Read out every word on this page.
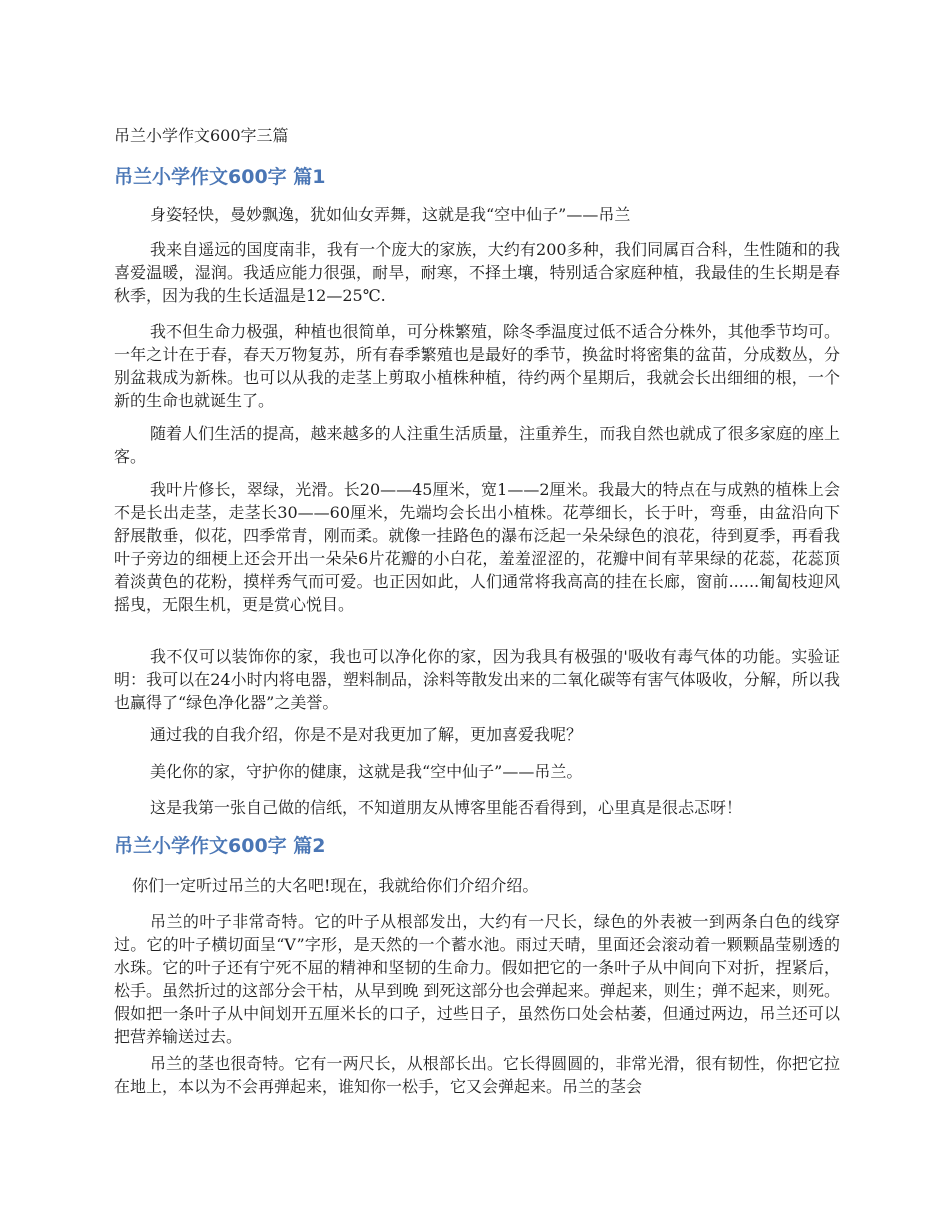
吊兰小学作文600字三篇
吊兰小学作文600字 篇1
身姿轻快，曼妙飘逸，犹如仙女弄舞，这就是我“空中仙子”——吊兰
我来自遥远的国度南非，我有一个庞大的家族，大约有200多种，我们同属百合科，生性随和的我喜爱温暖，湿润。我适应能力很强，耐旱，耐寒，不择土壤，特别适合家庭种植，我最佳的生长期是春秋季，因为我的生长适温是12—25℃.
我不但生命力极强，种植也很简单，可分株繁殖，除冬季温度过低不适合分株外，其他季节均可。一年之计在于春，春天万物复苏，所有春季繁殖也是最好的季节，换盆时将密集的盆苗，分成数丛，分别盆栽成为新株。也可以从我的走茎上剪取小植株种植，待约两个星期后，我就会长出细细的根，一个新的生命也就诞生了。
随着人们生活的提高，越来越多的人注重生活质量，注重养生，而我自然也就成了很多家庭的座上客。
我叶片修长，翠绿，光滑。长20——45厘米，宽1——2厘米。我最大的特点在与成熟的植株上会不是长出走茎，走茎长30——60厘米，先端均会长出小植株。花葶细长，长于叶，弯垂，由盆沿向下舒展散垂，似花，四季常青，刚而柔。就像一挂路色的瀑布泛起一朵朵绿色的浪花，待到夏季，再看我叶子旁边的细梗上还会开出一朵朵6片花瓣的小白花，羞羞涩涩的，花瓣中间有苹果绿的花蕊，花蕊顶着淡黄色的花粉，摸样秀气而可爱。也正因如此，人们通常将我高高的挂在长廊，窗前......匍匐枝迎风摇曳，无限生机，更是赏心悦目。
我不仅可以装饰你的家，我也可以净化你的家，因为我具有极强的'吸收有毒气体的功能。实验证明：我可以在24小时内将电器，塑料制品，涂料等散发出来的二氧化碳等有害气体吸收，分解，所以我也赢得了“绿色净化器”之美誉。
通过我的自我介绍，你是不是对我更加了解，更加喜爱我呢？
美化你的家，守护你的健康，这就是我“空中仙子”——吊兰。
这是我第一张自己做的信纸，不知道朋友从博客里能否看得到，心里真是很忐忑呀！
吊兰小学作文600字 篇2
你们一定听过吊兰的大名吧!现在，我就给你们介绍介绍。
吊兰的叶子非常奇特。它的叶子从根部发出，大约有一尺长，绿色的外表被一到两条白色的线穿过。它的叶子横切面呈“V”字形，是天然的一个蓄水池。雨过天晴，里面还会滚动着一颗颗晶莹剔透的水珠。它的叶子还有宁死不屈的精神和坚韧的生命力。假如把它的一条叶子从中间向下对折，捏紧后，松手。虽然折过的这部分会干枯，从早到晚 到死这部分也会弹起来。弹起来，则生；弹不起来，则死。假如把一条叶子从中间划开五厘米长的口子，过些日子，虽然伤口处会枯萎，但通过两边，吊兰还可以把营养输送过去。
吊兰的茎也很奇特。它有一两尺长，从根部长出。它长得圆圆的，非常光滑，很有韧性，你把它拉在地上，本以为不会再弹起来，谁知你一松手，它又会弹起来。吊兰的茎会
